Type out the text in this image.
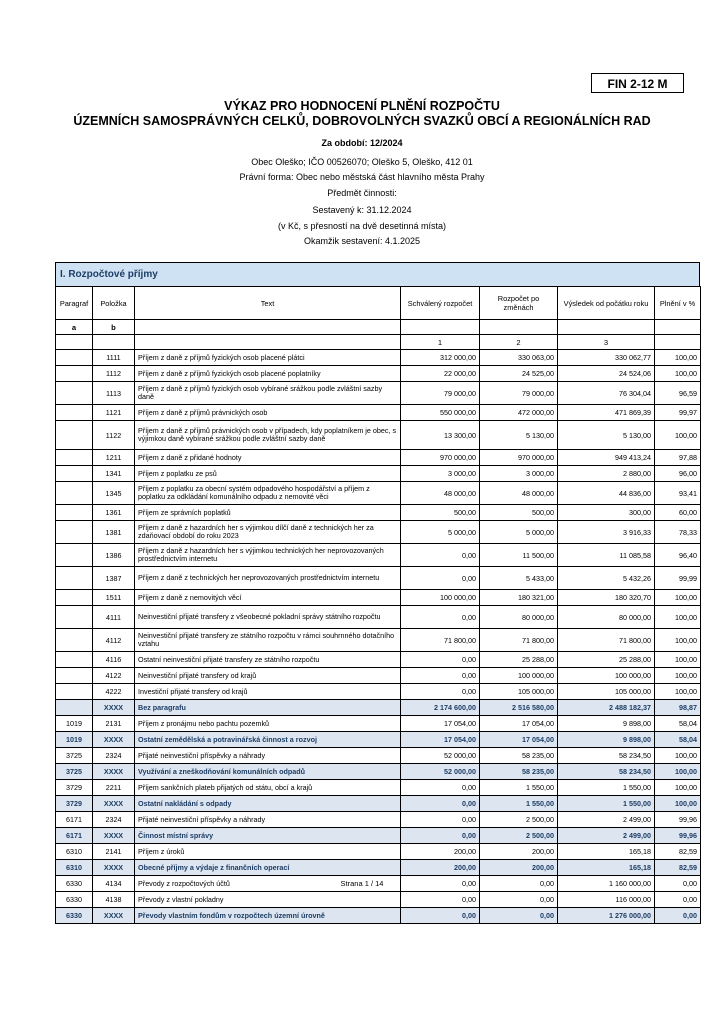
FIN 2-12 M
VÝKAZ PRO HODNOCENÍ PLNĚNÍ ROZPOČTU
ÚZEMNÍCH SAMOSPRÁVNÝCH CELKŮ, DOBROVOLNÝCH SVAZKŮ OBCÍ A REGIONÁLNÍCH RAD
Za období: 12/2024
Obec Oleško; IČO 00526070; Oleško 5, Oleško, 412 01
Právní forma: Obec nebo městská část hlavního města Prahy
Předmět činnosti:
Sestavený k: 31.12.2024
(v Kč, s přesností na dvě desetinná místa)
Okamžik sestavení: 4.1.2025
I. Rozpočtové příjmy
Paragraf	Položka	Text	Schválený rozpočet	Rozpočet po změnách	Výsledek od počátku roku	Plnění v %
a	b					
			1	2	3	
	1111	Příjem z daně z příjmů fyzických osob placené plátci	312 000,00	330 063,00	330 062,77	100,00
	1112	Příjem z daně z příjmů fyzických osob placené poplatníky	22 000,00	24 525,00	24 524,06	100,00
	1113	Příjem z daně z příjmů fyzických osob vybírané srážkou podle zvláštní sazby daně	79 000,00	79 000,00	76 304,04	96,59
	1121	Příjem z daně z příjmů právnických osob	550 000,00	472 000,00	471 869,39	99,97
	1122	Příjem z daně z příjmů právnických osob v případech, kdy poplatníkem je obec, s výjimkou daně vybírané srážkou podle zvláštní sazby daně	13 300,00	5 130,00	5 130,00	100,00
	1211	Příjem z daně z přidané hodnoty	970 000,00	970 000,00	949 413,24	97,88
	1341	Příjem z poplatku ze psů	3 000,00	3 000,00	2 880,00	96,00
	1345	Příjem z poplatku za obecní systém odpadového hospodářství a příjem z poplatku za odkládání komunálního odpadu z nemovité věci	48 000,00	48 000,00	44 836,00	93,41
	1361	Příjem ze správních poplatků	500,00	500,00	300,00	60,00
	1381	Příjem z daně z hazardních her s výjimkou dílčí daně z technických her za zdaňovací období do roku 2023	5 000,00	5 000,00	3 916,33	78,33
	1386	Příjem z daně z hazardních her s výjimkou technických her neprovozovaných prostřednictvím internetu	0,00	11 500,00	11 085,58	96,40
	1387	Příjem z daně z technických her neprovozovaných prostřednictvím internetu	0,00	5 433,00	5 432,26	99,99
	1511	Příjem z daně z nemovitých věcí	100 000,00	180 321,00	180 320,70	100,00
	4111	Neinvestiční přijaté transfery z všeobecné pokladní správy státního rozpočtu	0,00	80 000,00	80 000,00	100,00
	4112	Neinvestiční přijaté transfery ze státního rozpočtu v rámci souhrnného dotačního vztahu	71 800,00	71 800,00	71 800,00	100,00
	4116	Ostatní neinvestiční přijaté transfery ze státního rozpočtu	0,00	25 288,00	25 288,00	100,00
	4122	Neinvestiční přijaté transfery od krajů	0,00	100 000,00	100 000,00	100,00
	4222	Investiční přijaté transfery od krajů	0,00	105 000,00	105 000,00	100,00
	XXXX	Bez paragrafu	2 174 600,00	2 516 580,00	2 488 182,37	98,87
1019	2131	Příjem z pronájmu nebo pachtu pozemků	17 054,00	17 054,00	9 898,00	58,04
1019	XXXX	Ostatní zemědělská a potravinářská činnost a rozvoj	17 054,00	17 054,00	9 898,00	58,04
3725	2324	Přijaté neinvestiční příspěvky a náhrady	52 000,00	58 235,00	58 234,50	100,00
3725	XXXX	Využívání a zneškodňování komunálních odpadů	52 000,00	58 235,00	58 234,50	100,00
3729	2211	Příjem sankčních plateb přijatých od státu, obcí a krajů	0,00	1 550,00	1 550,00	100,00
3729	XXXX	Ostatní nakládání s odpady	0,00	1 550,00	1 550,00	100,00
6171	2324	Přijaté neinvestiční příspěvky a náhrady	0,00	2 500,00	2 499,00	99,96
6171	XXXX	Činnost místní správy	0,00	2 500,00	2 499,00	99,96
6310	2141	Příjem z úroků	200,00	200,00	165,18	82,59
6310	XXXX	Obecné příjmy a výdaje z finančních operací	200,00	200,00	165,18	82,59
6330	4134	Převody z rozpočtových účtů	0,00	0,00	1 160 000,00	0,00
6330	4138	Převody z vlastní pokladny	0,00	0,00	116 000,00	0,00
6330	XXXX	Převody vlastním fondům v rozpočtech územní úrovně	0,00	0,00	1 276 000,00	0,00
Strana 1 / 14
